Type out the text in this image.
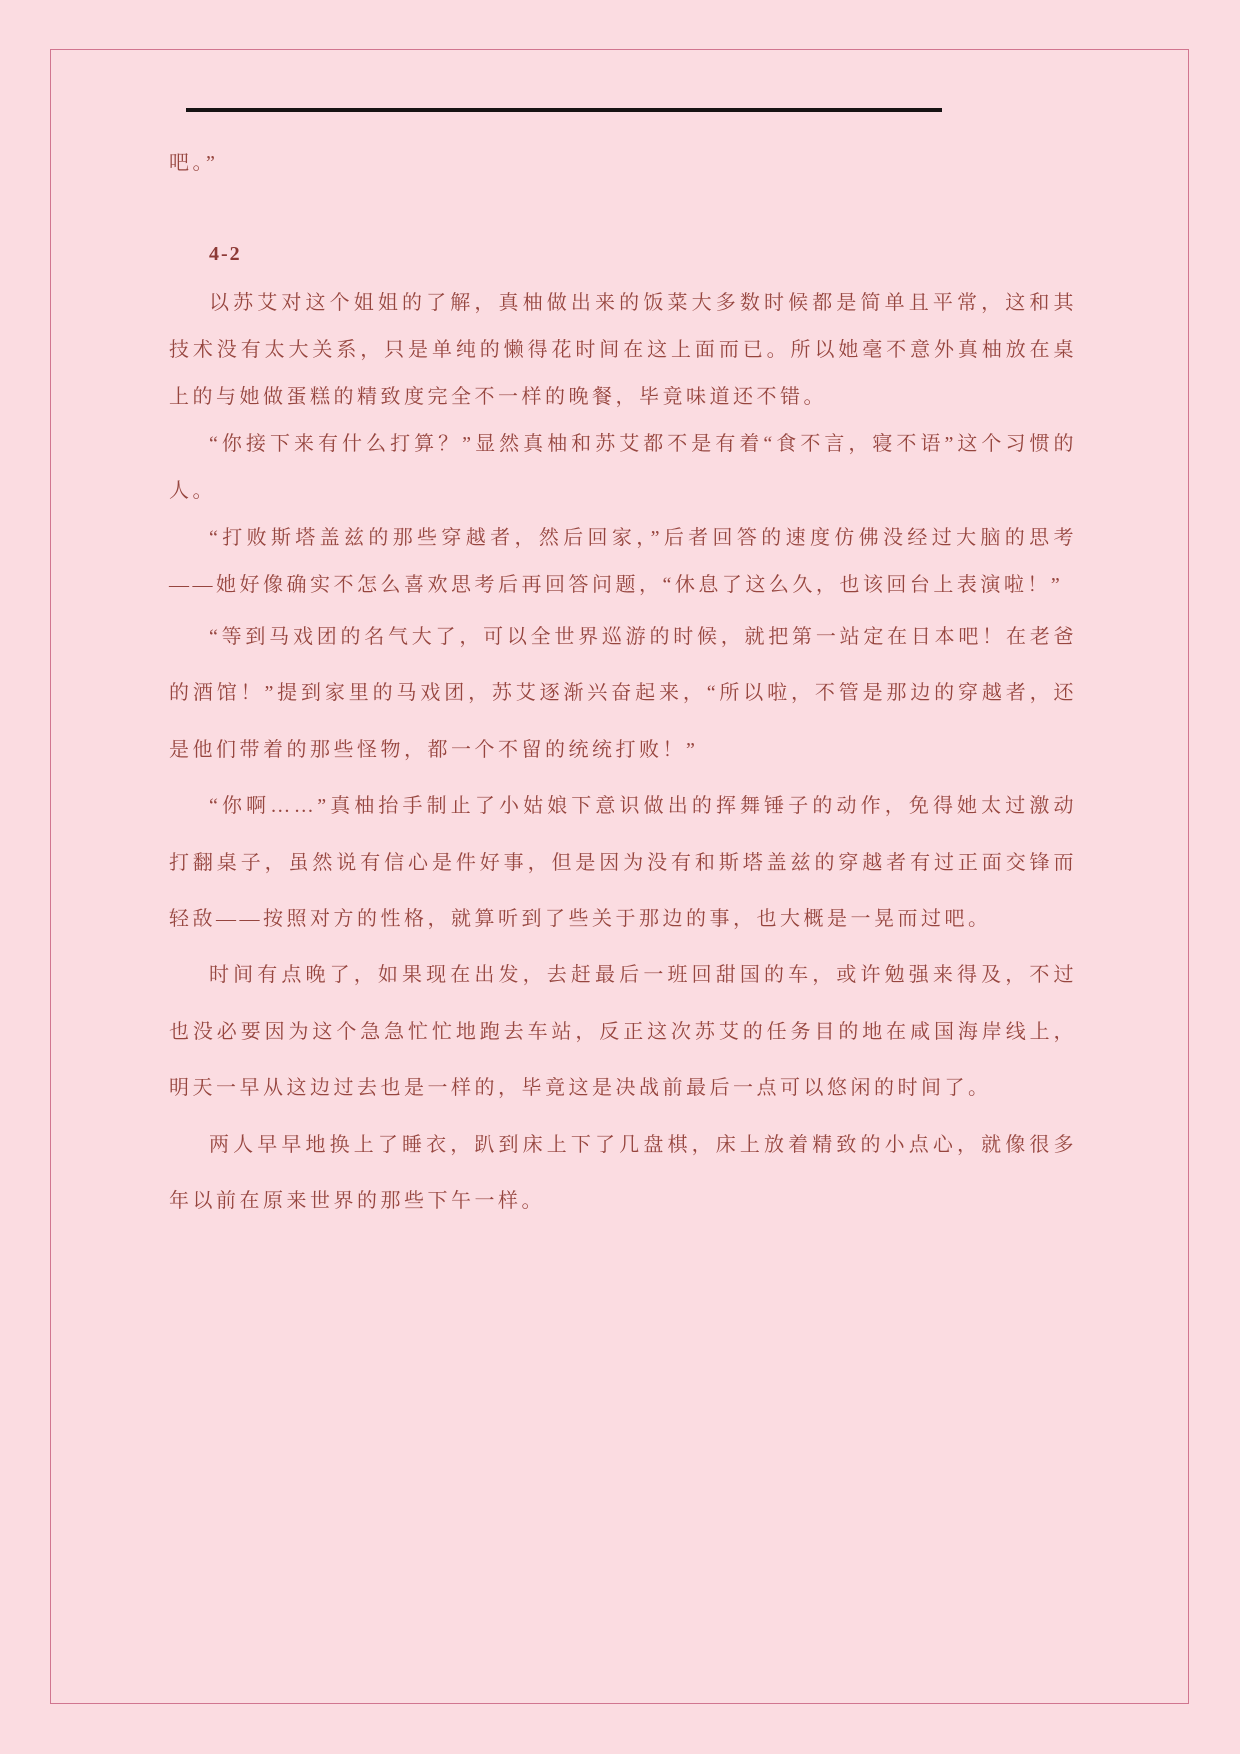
吧。”

4-2

以苏艾对这个姐姐的了解，真柚做出来的饭菜大多数时候都是简单且平常，这和其技术没有太大关系，只是单纯的懒得花时间在这上面而已。所以她毫不意外真柚放在桌上的与她做蛋糕的精致度完全不一样的晚餐，毕竟味道还不错。

“你接下来有什么打算？”显然真柚和苏艾都不是有着“食不言，寝不语”这个习惯的人。

“打败斯塔盖兹的那些穿越者，然后回家，”后者回答的速度仿佛没经过大脑的思考——她好像确实不怎么喜欢思考后再回答问题，“休息了这么久，也该回台上表演啦！”

“等到马戏团的名气大了，可以全世界巡游的时候，就把第一站定在日本吧！在老爸的酒馆！”提到家里的马戏团，苏艾逐渐兴奋起来，“所以啦，不管是那边的穿越者，还是他们带着的那些怪物，都一个不留的统统打败！”

“你啊……”真柚抬手制止了小姑娘下意识做出的挥舞锤子的动作，免得她太过激动打翻桌子，虽然说有信心是件好事，但是因为没有和斯塔盖兹的穿越者有过正面交锋而轻敌——按照对方的性格，就算听到了些关于那边的事，也大概是一晃而过吧。

时间有点晚了，如果现在出发，去赶最后一班回甜国的车，或许勉强来得及，不过也没必要因为这个急急忙忙地跑去车站，反正这次苏艾的任务目的地在咸国海岸线上，明天一早从这边过去也是一样的，毕竟这是决战前最后一点可以悠闲的时间了。

两人早早地换上了睡衣，趴到床上下了几盘棋，床上放着精致的小点心，就像很多年以前在原来世界的那些下午一样。
